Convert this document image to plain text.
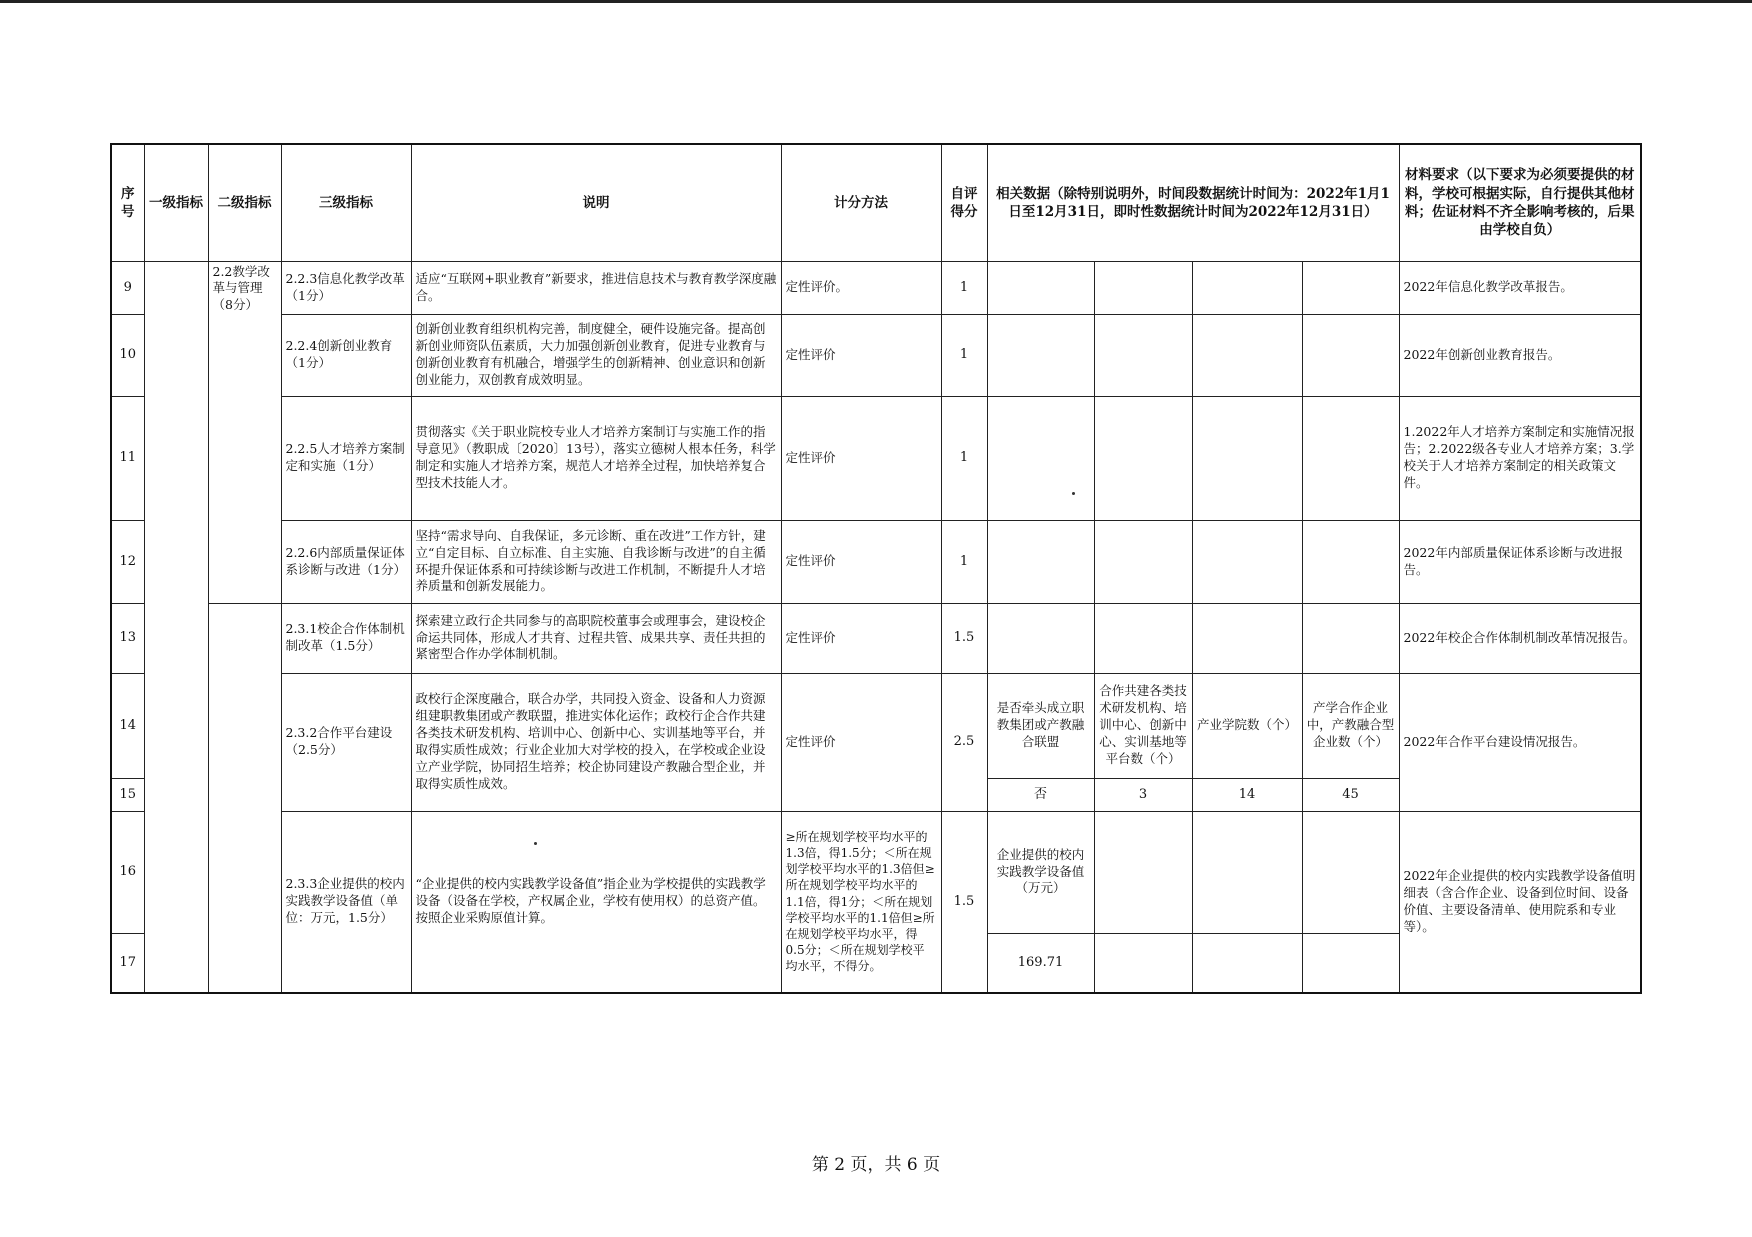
序号	一级指标	二级指标	三级指标	说明	计分方法	自评得分	相关数据（除特别说明外，时间段数据统计时间为：2022年1月1日至12月31日，即时性数据统计时间为2022年12月31日）				材料要求（以下要求为必须要提供的材料，学校可根据实际，自行提供其他材料；佐证材料不齐全影响考核的，后果由学校自负）
9		2.2教学改革与管理（8分）	2.2.3信息化教学改革（1分）	适应“互联网+职业教育”新要求，推进信息技术与教育教学深度融合。	定性评价。	1					2022年信息化教学改革报告。
10			2.2.4创新创业教育（1分）	创新创业教育组织机构完善，制度健全，硬件设施完备。提高创新创业师资队伍素质，大力加强创新创业教育，促进专业教育与创新创业教育有机融合，增强学生的创新精神、创业意识和创新创业能力，双创教育成效明显。	定性评价	1					2022年创新创业教育报告。
11			2.2.5人才培养方案制定和实施（1分）	贯彻落实《关于职业院校专业人才培养方案制订与实施工作的指导意见》（教职成〔2020〕13号），落实立德树人根本任务，科学制定和实施人才培养方案，规范人才培养全过程，加快培养复合型技术技能人才。	定性评价	1					1.2022年人才培养方案制定和实施情况报告；2.2022级各专业人才培养方案；3.学校关于人才培养方案制定的相关政策文件。
12			2.2.6内部质量保证体系诊断与改进（1分）	坚持“需求导向、自我保证，多元诊断、重在改进”工作方针，建立“自定目标、自立标准、自主实施、自我诊断与改进”的自主循环提升保证体系和可持续诊断与改进工作机制，不断提升人才培养质量和创新发展能力。	定性评价	1					2022年内部质量保证体系诊断与改进报告。
13			2.3.1校企合作体制机制改革（1.5分）	探索建立政行企共同参与的高职院校董事会或理事会，建设校企命运共同体，形成人才共育、过程共管、成果共享、责任共担的紧密型合作办学体制机制。	定性评价	1.5					2022年校企合作体制机制改革情况报告。
14			2.3.2合作平台建设（2.5分）	政校行企深度融合，联合办学，共同投入资金、设备和人力资源组建职教集团或产教联盟，推进实体化运作；政校行企合作共建各类技术研发机构、培训中心、创新中心、实训基地等平台，并取得实质性成效；行业企业加大对学校的投入，在学校或企业设立产业学院，协同招生培养；校企协同建设产教融合型企业，并取得实质性成效。	定性评价	2.5	是否牵头成立职教集团或产教融合联盟	合作共建各类技术研发机构、培训中心、创新中心、实训基地等平台数（个）	产业学院数（个）	产学合作企业中，产教融合型企业数（个）	2022年合作平台建设情况报告。
15							否	3	14	45	
16			2.3.3企业提供的校内实践教学设备值（单位：万元，1.5分）	“企业提供的校内实践教学设备值”指企业为学校提供的实践教学设备（设备在学校，产权属企业，学校有使用权）的总资产值。按照企业采购原值计算。	≥所在规划学校平均水平的1.3倍，得1.5分；＜所在规划学校平均水平的1.3倍但≥所在规划学校平均水平的1.1倍，得1分；＜所在规划学校平均水平的1.1倍但≥所在规划学校平均水平，得0.5分；＜所在规划学校平均水平，不得分。	1.5	企业提供的校内实践教学设备值（万元）				2022年企业提供的校内实践教学设备值明细表（含合作企业、设备到位时间、设备价值、主要设备清单、使用院系和专业等）。
17							169.71				
第 2 页，共 6 页
